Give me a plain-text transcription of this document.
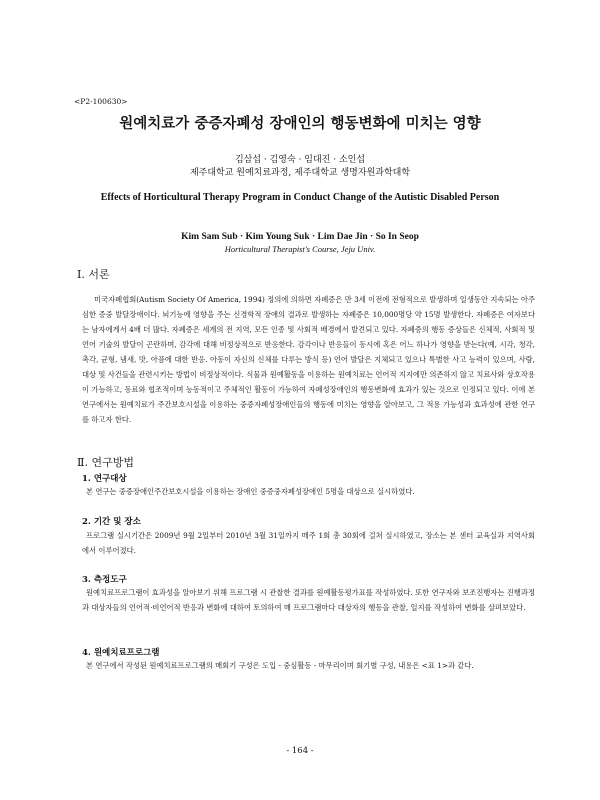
<P2-100630>
원예치료가 중증자폐성 장애인의 행동변화에 미치는 영향
김삼섭 · 김영숙 · 임대진 · 소인섭
제주대학교 원예치료과정, 제주대학교 생명자원과학대학
Effects of Horticultural Therapy Program in Conduct Change of the Autistic Disabled Person
Kim Sam Sub · Kim Young Suk · Lim Dae Jin · So In Seop
Horticultural Therapist's Course, Jeju Univ.
Ⅰ. 서론
미국자폐협회(Autism Society Of America, 1994) 정의에 의하면 자폐증은 만 3세 이전에 전형적으로 발생하며 일생동안 지속되는 아주 심한 증중 발달장애이다. 뇌기능에 영향을 주는 신경학적 장애의 결과로 발생하는 자폐증은 10,000명당 약 15명 발생한다. 자폐증은 여자보다는 남자에게서 4배 더 많다. 자폐증은 세계의 전 지역, 모든 인종 및 사회적 배경에서 발견되고 있다. 자폐증의 행동 증상들은 신체적, 사회적 및 언어 기술의 발달이 곤란하며, 감각에 대해 비정상적으로 반응한다. 감각이나 반응들이 동시에 혹은 어느 하나가 영향을 받는다(예, 시각, 청각, 촉각, 균형, 냄새, 맛, 아픔에 대한 반응. 아동이 자신의 신체를 다루는 방식 등) 언어 발달은 지체되고 있으나 특별한 사고 능력이 있으며, 사람, 대상 및 사건들을 관련시키는 방법이 비정상적이다. 식물과 원예활동을 이용하는 원예치료는 언어적 지지에만 의존하지 않고 치료사와 상호작용이 가능하고, 동료와 협조적이며 능동적이고 주체적인 활동이 가능하여 자폐성장애인의 행동변화에 효과가 있는 것으로 인정되고 있다. 이에 본 연구에서는 원예치료가 주간보호시설을 이용하는 중증자폐성장애인들의 행동에 미치는 영향을 알아보고, 그 적용 가능성과 효과성에 관한 연구를 하고자 한다.
Ⅱ. 연구방법
1. 연구대상
본 연구는 중증장애인주간보호시설을 이용하는 장애인 중증중자폐성장애인 5명을 대상으로 실시하였다.
2. 기간 및 장소
프로그램 실시기간은 2009년 9월 2일부터 2010년 3월 31일까지 매주 1회 총 30회에 걸쳐 실시하였고, 장소는 본 센터 교육실과 지역사회에서 이루어졌다.
3. 측정도구
원예치료프로그램이 효과성을 알아보기 위해 프로그램 시 관찰한 결과를 원예활동평가표를 작성하였다. 또한 연구자와 보조진행자는 진행과정과 대상자들의 언어적·비언어적 반응과 변화에 대하여 토의하여 매 프로그램마다 대상자의 행동을 관찰, 일지를 작성하여 변화를 살펴보았다.
4. 원예치료프로그램
본 연구에서 작성된 원예치료프로그램의 매회기 구성은 도입 - 중심활동 - 마무리이며 회기별 구성, 내용은 <표 1>과 같다.
- 164 -
